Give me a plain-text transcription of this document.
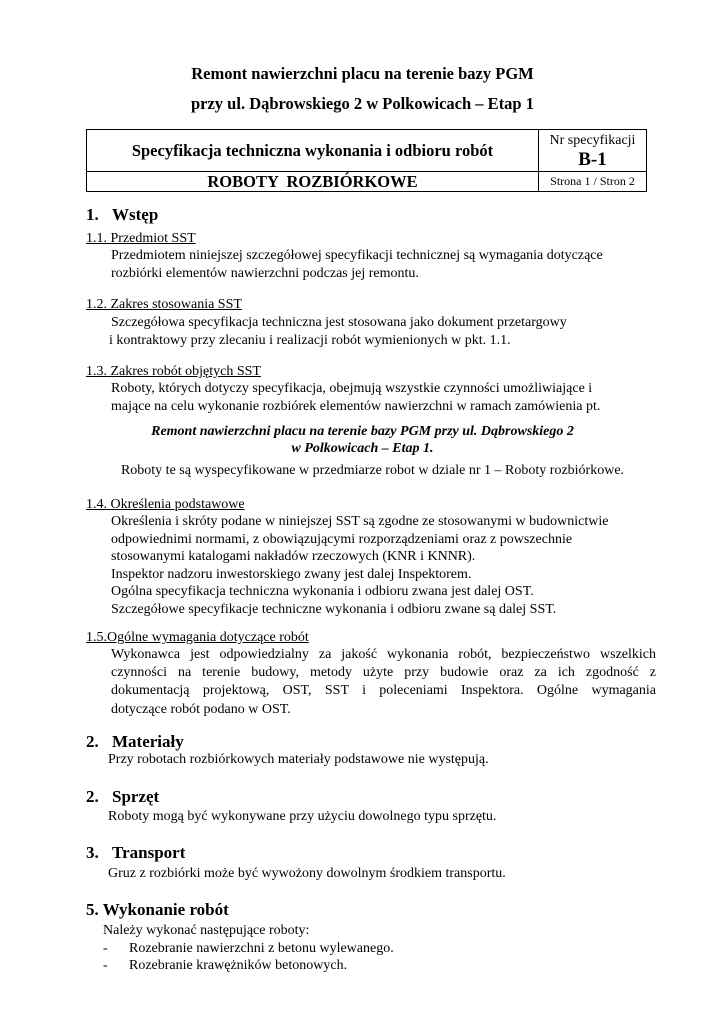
Remont nawierzchni placu na terenie bazy PGM
przy ul. Dąbrowskiego 2 w Polkowicach – Etap 1
Specyfikacja techniczna wykonania i odbioru robót	Nr specyfikacji
B-1

ROBOTY  ROZBIÓRKOWE	Strona 1 / Stron 2
1. Wstęp
1.1. Przedmiot SST
Przedmiotem niniejszej szczegółowej specyfikacji technicznej są wymagania dotyczące
rozbiórki elementów nawierzchni podczas jej remontu.
1.2. Zakres stosowania SST
Szczegółowa specyfikacja techniczna jest stosowana jako dokument przetargowy
i kontraktowy przy zlecaniu i realizacji robót wymienionych w pkt. 1.1.
1.3. Zakres robót objętych SST
Roboty, których dotyczy specyfikacja, obejmują wszystkie czynności umożliwiające i
mające na celu wykonanie rozbiórek elementów nawierzchni w ramach zamówienia pt.
Remont nawierzchni placu na terenie bazy PGM przy ul. Dąbrowskiego 2
w Polkowicach – Etap 1.
Roboty te są wyspecyfikowane w przedmiarze robot w dziale nr 1 – Roboty rozbiórkowe.
1.4. Określenia podstawowe
Określenia i skróty podane w niniejszej SST są zgodne ze stosowanymi w budownictwie
odpowiednimi normami, z obowiązującymi rozporządzeniami oraz z powszechnie
stosowanymi katalogami nakładów rzeczowych (KNR i KNNR).
Inspektor nadzoru inwestorskiego zwany jest dalej Inspektorem.
Ogólna specyfikacja techniczna wykonania i odbioru zwana jest dalej OST.
Szczegółowe specyfikacje techniczne wykonania i odbioru zwane są dalej SST.
1.5.Ogólne wymagania dotyczące robót
Wykonawca jest odpowiedzialny za jakość wykonania robót, bezpieczeństwo wszelkich
czynności na terenie budowy, metody użyte przy budowie oraz za ich zgodność z
dokumentacją projektową, OST, SST i poleceniami Inspektora. Ogólne wymagania
dotyczące robót podano w OST.
2. Materiały
Przy robotach rozbiórkowych materiały podstawowe nie występują.
2. Sprzęt
Roboty mogą być wykonywane przy użyciu dowolnego typu sprzętu.
3. Transport
Gruz z rozbiórki może być wywożony dowolnym środkiem transportu.
5. Wykonanie robót
Należy wykonać następujące roboty:
- Rozebranie nawierzchni z betonu wylewanego.
- Rozebranie krawężników betonowych.
